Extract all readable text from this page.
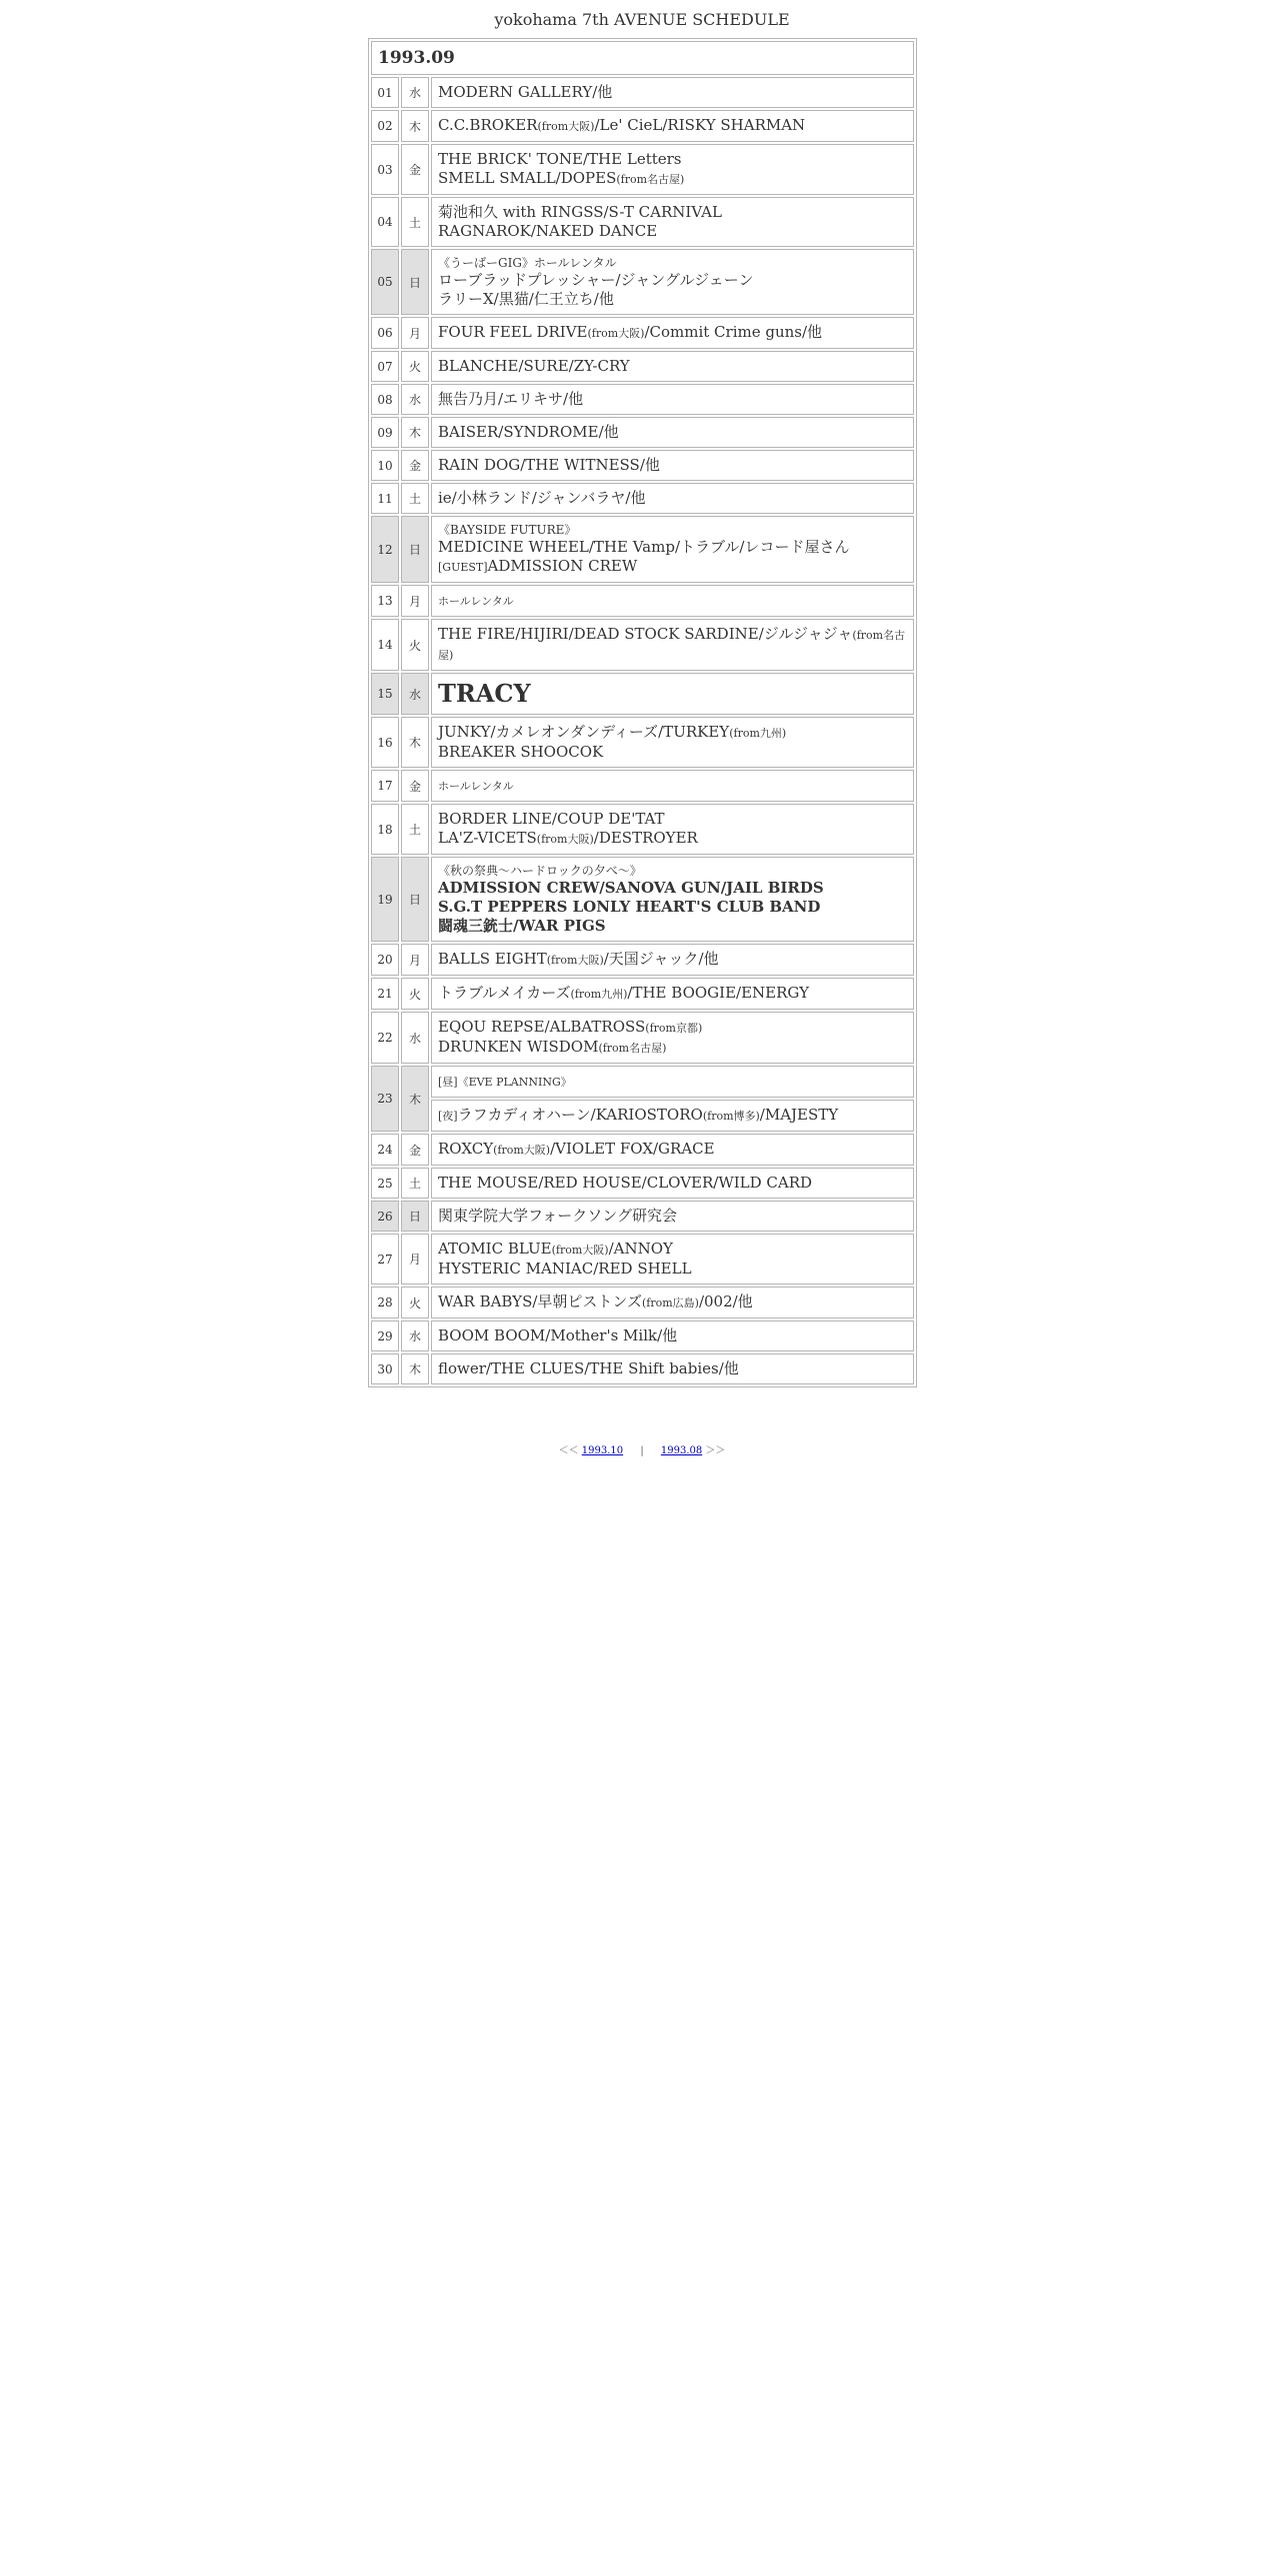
yokohama 7th AVENUE SCHEDULE
1993.09		
01	水	MODERN GALLERY/他

02	木	C.C.BROKER(from大阪)/Le' CieL/RISKY SHARMAN

03	金	THE BRICK' TONE/THE Letters
SMELL SMALL/DOPES(from名古屋)

04	土	菊池和久 with RINGSS/S-T CARNIVAL
RAGNAROK/NAKED DANCE

05	日	《うーばーGIG》ホールレンタル
ローブラッドプレッシャー/ジャングルジェーン
ラリーX/黒猫/仁王立ち/他

06	月	FOUR FEEL DRIVE(from大阪)/Commit Crime guns/他

07	火	BLANCHE/SURE/ZY-CRY

08	水	無告乃月/エリキサ/他

09	木	BAISER/SYNDROME/他

10	金	RAIN DOG/THE WITNESS/他

11	土	ie/小林ランド/ジャンバラヤ/他

12	日	《BAYSIDE FUTURE》
MEDICINE WHEEL/THE Vamp/トラブル/レコード屋さん
[GUEST]ADMISSION CREW

13	月	ホールレンタル

14	火	THE FIRE/HIJIRI/DEAD STOCK SARDINE/ジルジャジャ(from名古屋)

15	水	TRACY

16	木	JUNKY/カメレオンダンディーズ/TURKEY(from九州)
BREAKER SHOOCOK

17	金	ホールレンタル

18	土	BORDER LINE/COUP DE'TAT
LA'Z-VICETS(from大阪)/DESTROYER

19	日	《秋の祭典～ハードロックの夕べ～》
ADMISSION CREW/SANOVA GUN/JAIL BIRDS
S.G.T PEPPERS LONLY HEART'S CLUB BAND
闘魂三銃士/WAR PIGS

20	月	BALLS EIGHT(from大阪)/天国ジャック/他

21	火	トラブルメイカーズ(from九州)/THE BOOGIE/ENERGY

22	水	EQOU REPSE/ALBATROSS(from京都)
DRUNKEN WISDOM(from名古屋)

23	木	[昼]《EVE PLANNING》

		[夜]ラフカディオハーン/KARIOSTORO(from博多)/MAJESTY

24	金	ROXCY(from大阪)/VIOLET FOX/GRACE

25	土	THE MOUSE/RED HOUSE/CLOVER/WILD CARD

26	日	関東学院大学フォークソング研究会

27	月	ATOMIC BLUE(from大阪)/ANNOY
HYSTERIC MANIAC/RED SHELL

28	火	WAR BABYS/早朝ピストンズ(from広島)/002/他

29	水	BOOM BOOM/Mother's Milk/他

30	木	flower/THE CLUES/THE Shift babies/他
＜＜ 1993.10 | 1993.08 ＞＞
